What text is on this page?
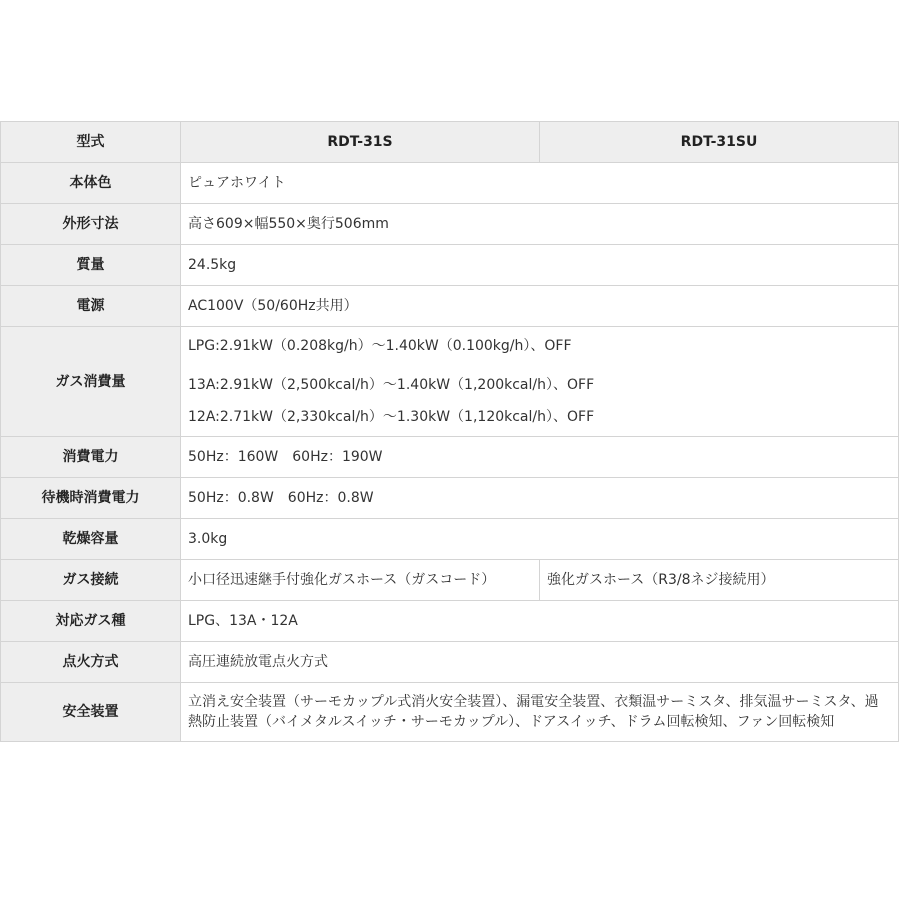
型式	RDT-31S	RDT-31SU
本体色	ピュアホワイト	
外形寸法	高さ609×幅550×奥行506mm	
質量	24.5kg	
電源	AC100V（50/60Hz共用）	
ガス消費量	LPG:2.91kW（0.208kg/h）～1.40kW（0.100kg/h）、OFF
13A:2.91kW（2,500kcal/h）～1.40kW（1,200kcal/h）、OFF
12A:2.71kW（2,330kcal/h）～1.30kW（1,120kcal/h）、OFF	

消費電力	50Hz：160W　60Hz：190W	
待機時消費電力	50Hz：0.8W　60Hz：0.8W	
乾燥容量	3.0kg	
ガス接続	小口径迅速継手付強化ガスホース（ガスコード）	強化ガスホース（R3/8ネジ接続用）
対応ガス種	LPG、13A・12A	
点火方式	高圧連続放電点火方式	
安全装置	立消え安全装置（サーモカップル式消火安全装置）、漏電安全装置、衣類温サーミスタ、排気温サーミスタ、過熱防止装置（バイメタルスイッチ・サーモカップル）、ドアスイッチ、ドラム回転検知、ファン回転検知	
